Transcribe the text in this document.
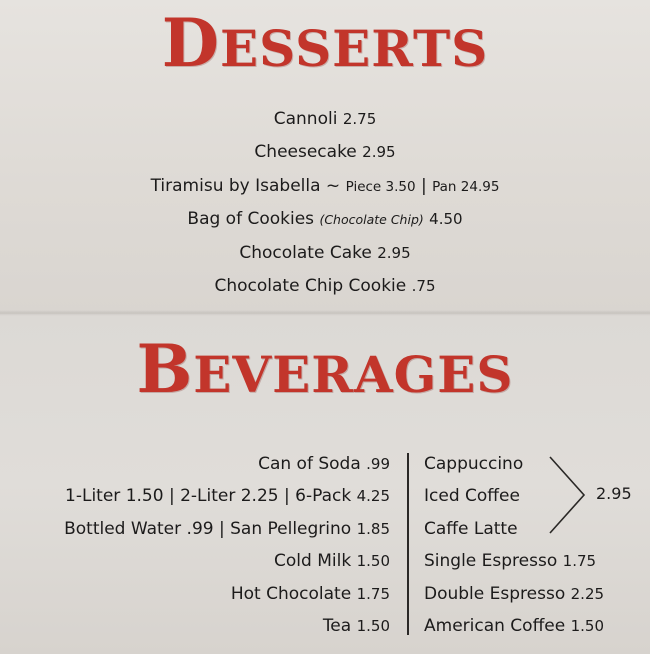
DESSERTS
Cannoli 2.75
Cheesecake 2.95
Tiramisu by Isabella ~ Piece 3.50 | Pan 24.95
Bag of Cookies (Chocolate Chip) 4.50
Chocolate Cake 2.95
Chocolate Chip Cookie .75
BEVERAGES
Can of Soda .99
1-Liter 1.50 | 2-Liter 2.25 | 6-Pack 4.25
Bottled Water .99 | San Pellegrino 1.85
Cold Milk 1.50
Hot Chocolate 1.75
Tea 1.50
Cappuccino
Iced Coffee
Caffe Latte
Single Espresso 1.75
Double Espresso 2.25
American Coffee 1.50
2.95
